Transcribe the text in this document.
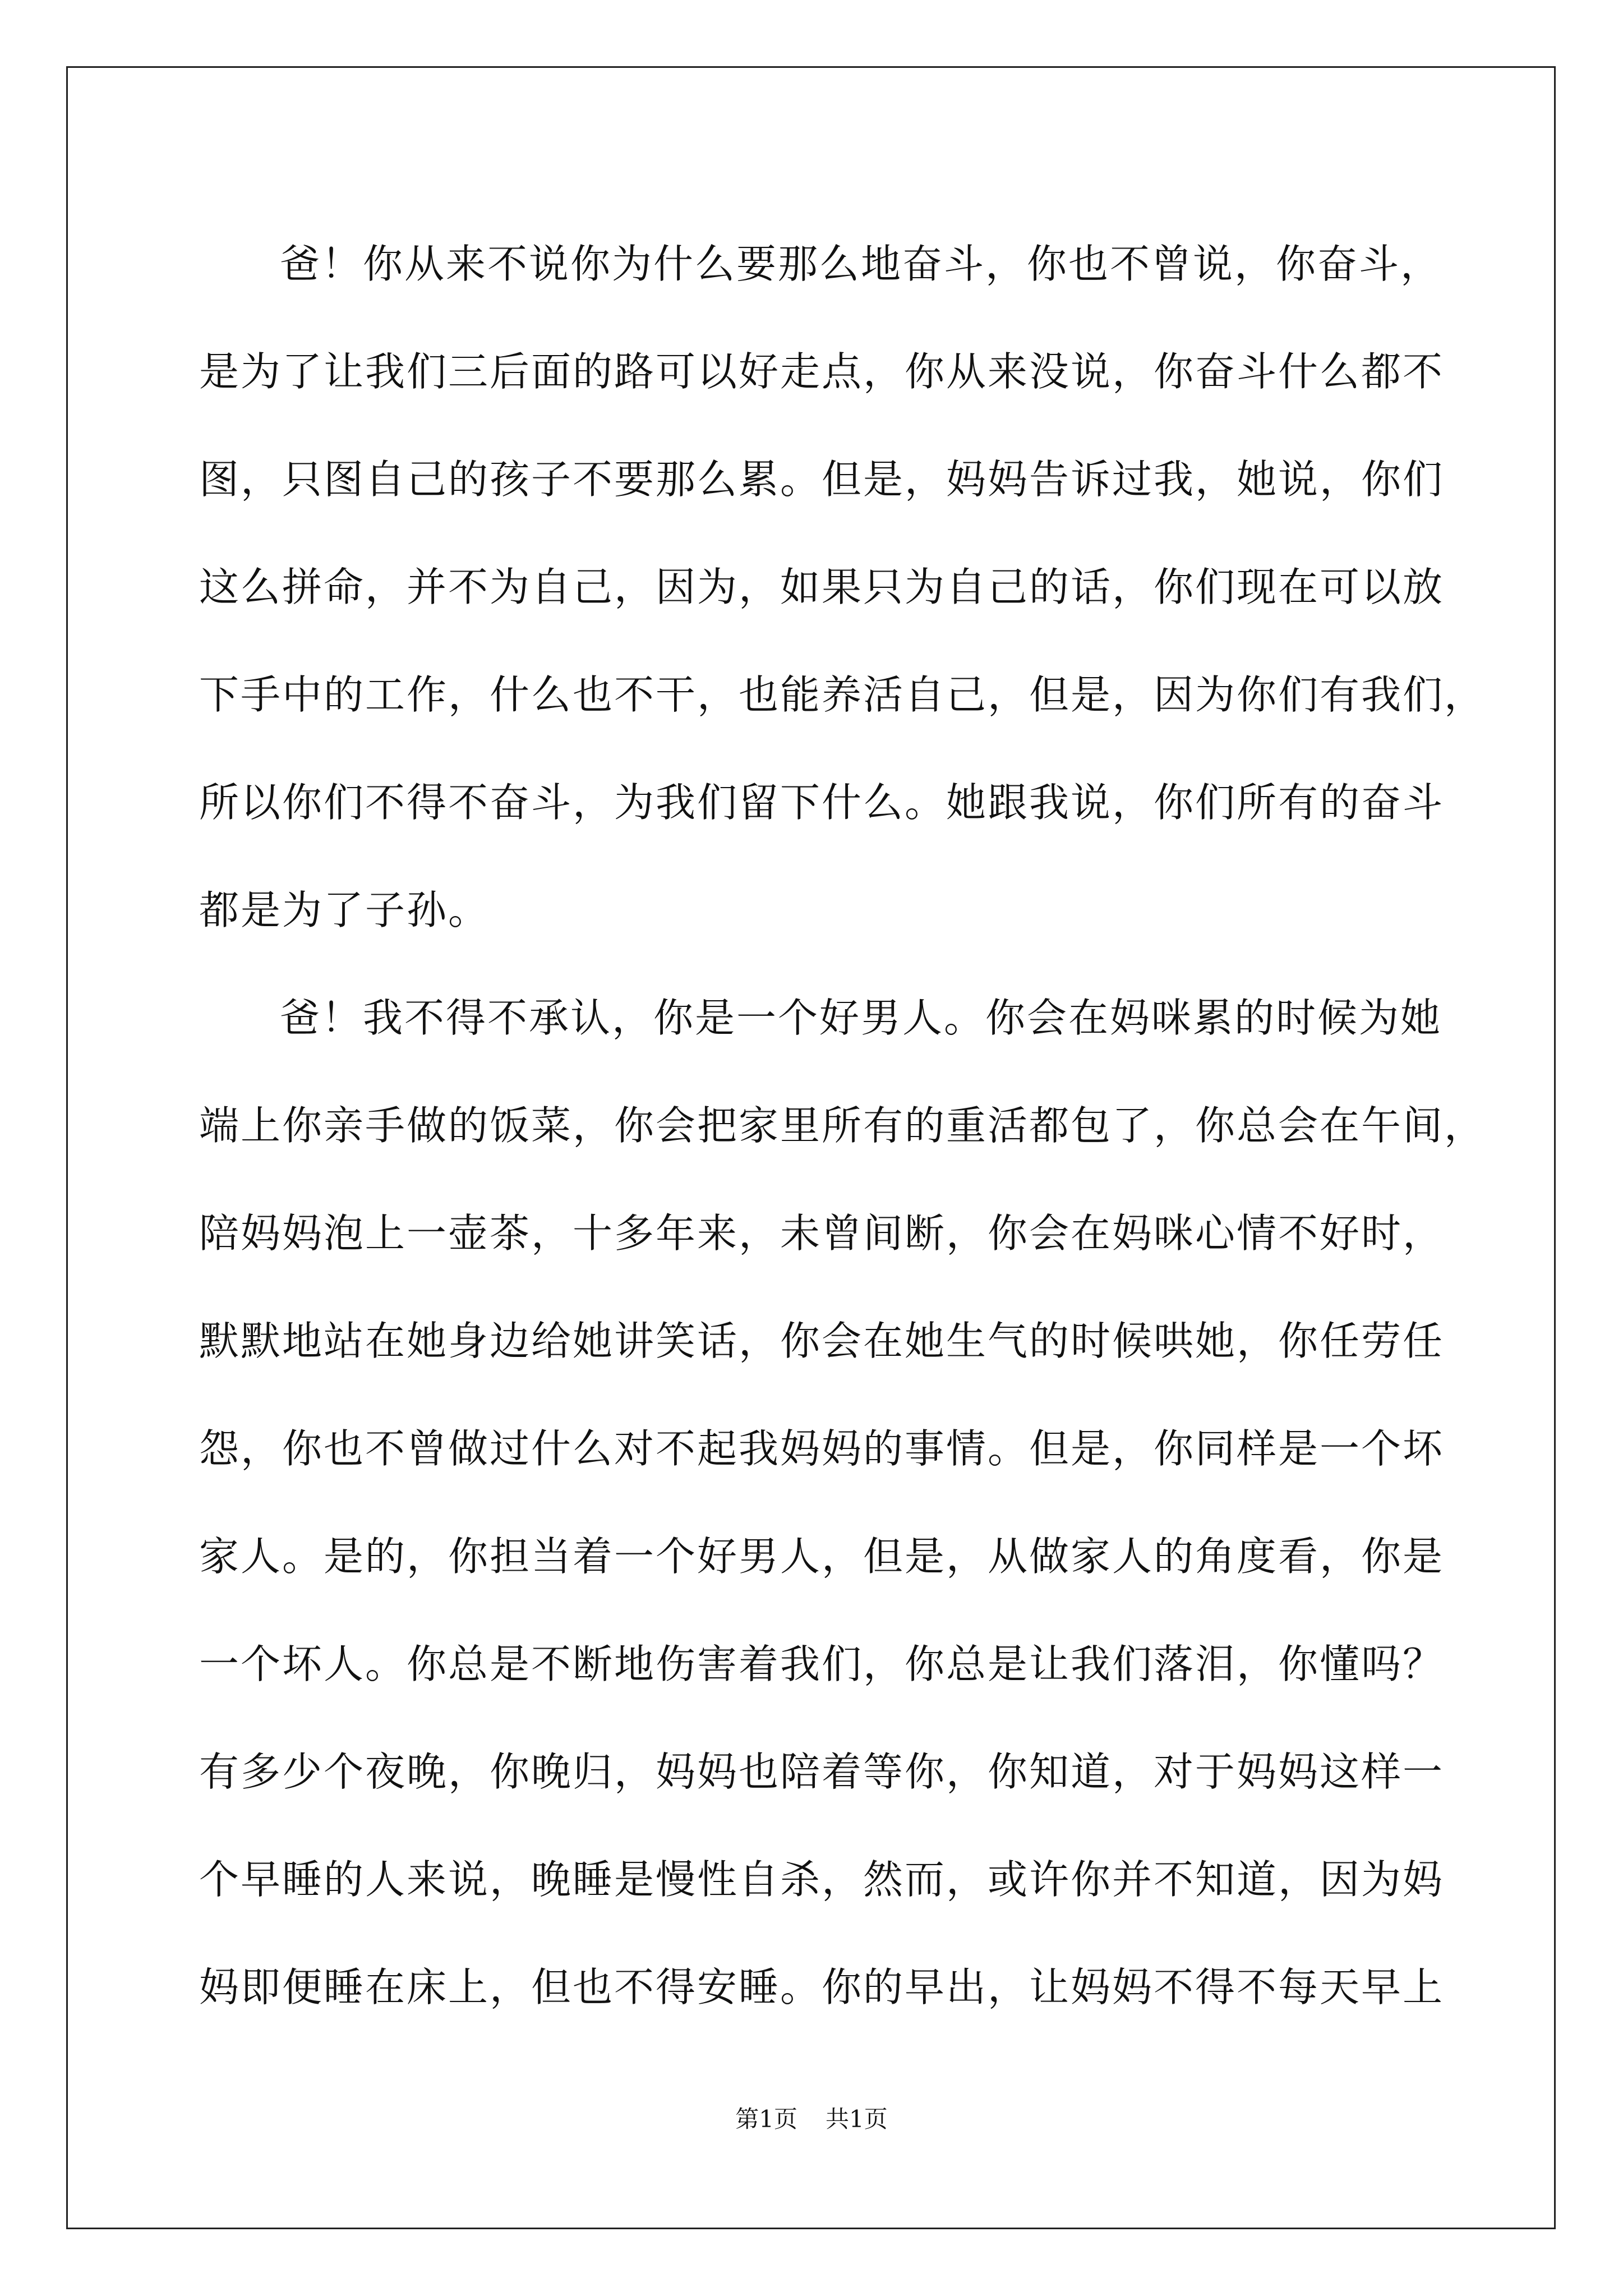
爸！你从来不说你为什么要那么地奋斗，你也不曾说，你奋斗，
是为了让我们三后面的路可以好走点，你从来没说，你奋斗什么都不
图，只图自己的孩子不要那么累。但是，妈妈告诉过我，她说，你们
这么拼命，并不为自己，因为，如果只为自己的话，你们现在可以放
下手中的工作，什么也不干，也能养活自己，但是，因为你们有我们，
所以你们不得不奋斗，为我们留下什么。她跟我说，你们所有的奋斗
都是为了子孙。
爸！我不得不承认，你是一个好男人。你会在妈咪累的时候为她
端上你亲手做的饭菜，你会把家里所有的重活都包了，你总会在午间，
陪妈妈泡上一壶茶，十多年来，未曾间断，你会在妈咪心情不好时，
默默地站在她身边给她讲笑话，你会在她生气的时候哄她，你任劳任
怨，你也不曾做过什么对不起我妈妈的事情。但是，你同样是一个坏
家人。是的，你担当着一个好男人，但是，从做家人的角度看，你是
一个坏人。你总是不断地伤害着我们，你总是让我们落泪，你懂吗？
有多少个夜晚，你晚归，妈妈也陪着等你，你知道，对于妈妈这样一
个早睡的人来说，晚睡是慢性自杀，然而，或许你并不知道，因为妈
妈即便睡在床上，但也不得安睡。你的早出，让妈妈不得不每天早上
第1页 共1页
